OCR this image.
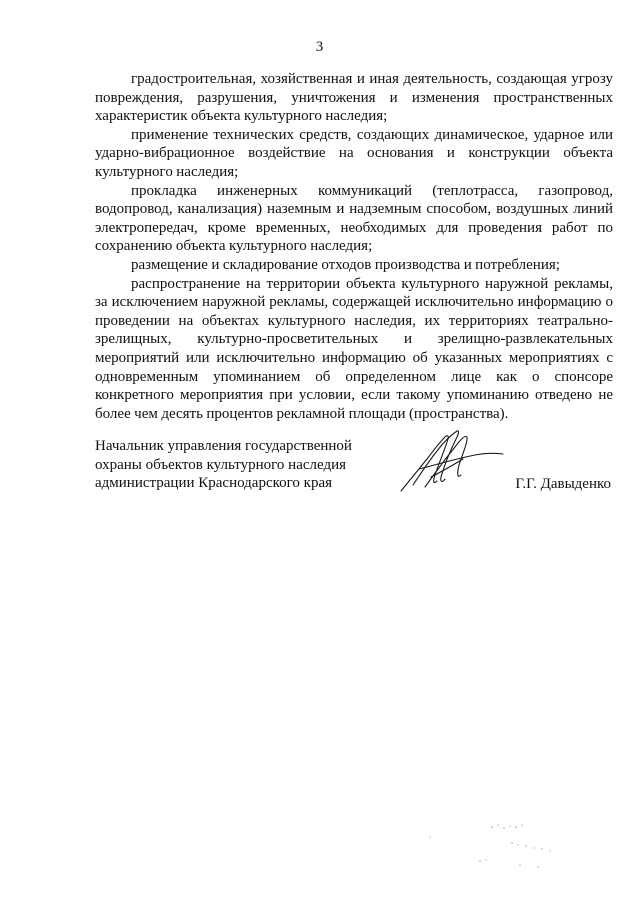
3

градостроительная, хозяйственная и иная деятельность, создающая угрозу повреждения, разрушения, уничтожения и изменения пространственных характеристик объекта культурного наследия;

применение технических средств, создающих динамическое, ударное или ударно-вибрационное воздействие на основания и конструкции объекта культурного наследия;

прокладка инженерных коммуникаций (теплотрасса, газопровод, водопровод, канализация) наземным и надземным способом, воздушных линий электропередач, кроме временных, необходимых для проведения работ по сохранению объекта культурного наследия;

размещение и складирование отходов производства и потребления;

распространение на территории объекта культурного наружной рекламы, за исключением наружной рекламы, содержащей исключительно информацию о проведении на объектах культурного наследия, их территориях театрально-зрелищных, культурно-просветительных и зрелищно-развлекательных мероприятий или исключительно информацию об указанных мероприятиях с одновременным упоминанием об определенном лице как о спонсоре конкретного мероприятия при условии, если такому упоминанию отведено не более чем десять процентов рекламной площади (пространства).

Начальник управления государственной
охраны объектов культурного наследия
администрации Краснодарского края	Г.Г. Давыденко
